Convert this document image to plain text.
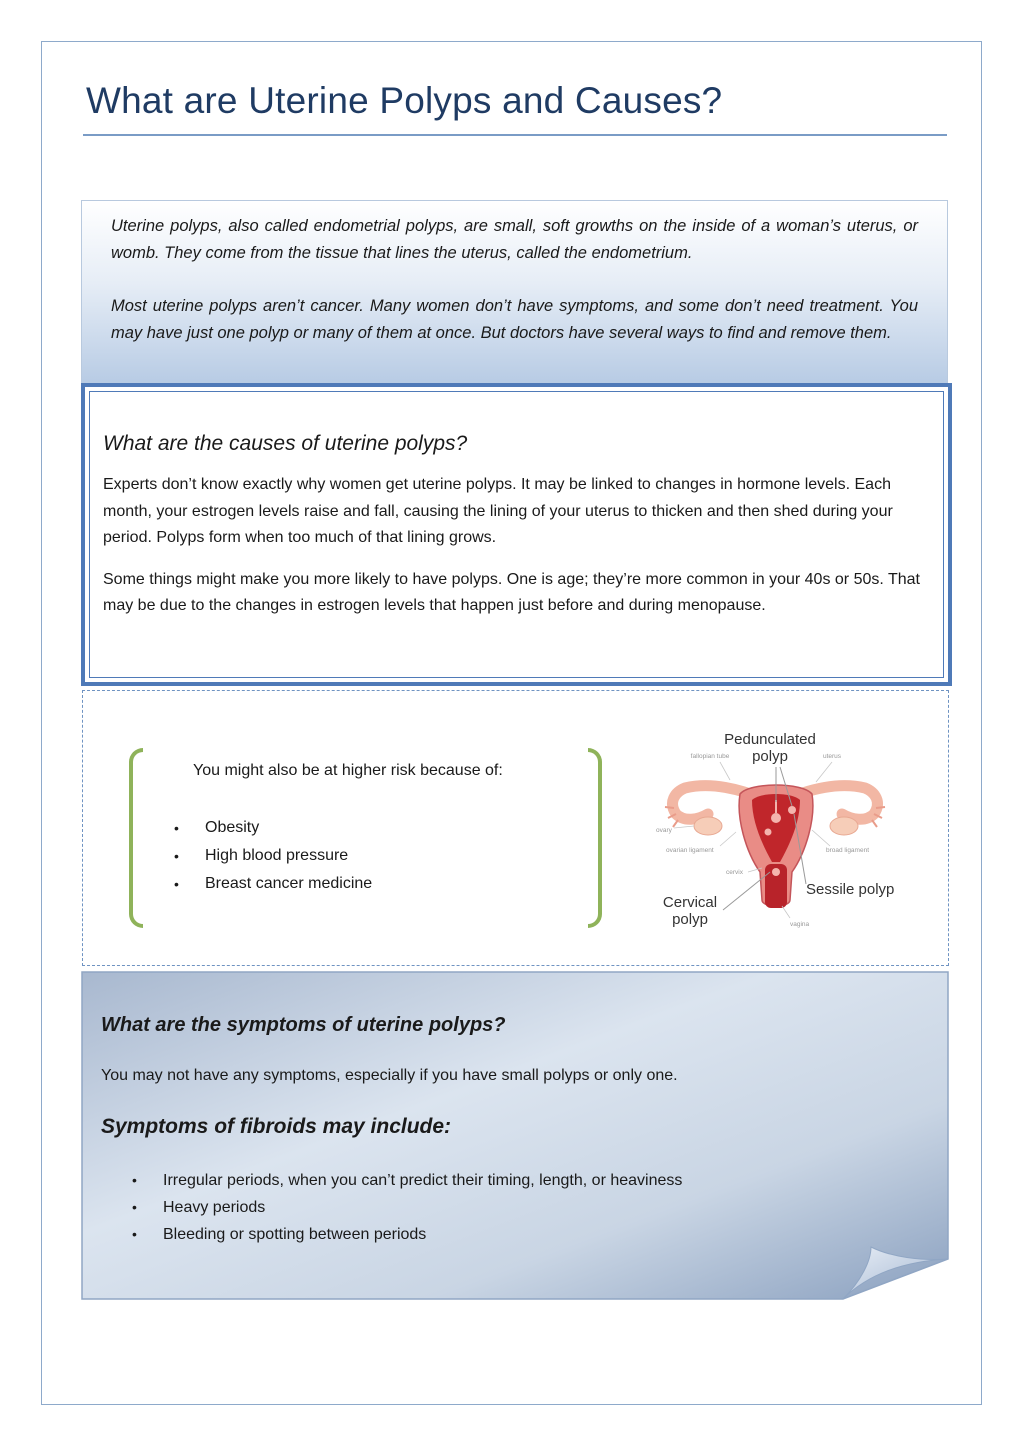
What are Uterine Polyps and Causes?

Uterine polyps, also called endometrial polyps, are small, soft growths on the inside of a woman’s uterus, or womb. They come from the tissue that lines the uterus, called the endometrium.

Most uterine polyps aren’t cancer. Many women don’t have symptoms, and some don’t need treatment. You may have just one polyp or many of them at once. But doctors have several ways to find and remove them.

What are the causes of uterine polyps?

Experts don’t know exactly why women get uterine polyps. It may be linked to changes in hormone levels. Each month, your estrogen levels raise and fall, causing the lining of your uterus to thicken and then shed during your period. Polyps form when too much of that lining grows.

Some things might make you more likely to have polyps. One is age; they’re more common in your 40s or 50s. That may be due to the changes in estrogen levels that happen just before and during menopause.

You might also be at higher risk because of:

• Obesity
• High blood pressure
• Breast cancer medicine
Pedunculated
polyp
fallopian tube	uterus
ovary
ovarian ligament	broad ligament
cervix
vagina
Sessile polyp
Cervical
polyp
What are the symptoms of uterine polyps?

You may not have any symptoms, especially if you have small polyps or only one.

Symptoms of fibroids may include:
• Irregular periods, when you can’t predict their timing, length, or heaviness
• Heavy periods
• Bleeding or spotting between periods
